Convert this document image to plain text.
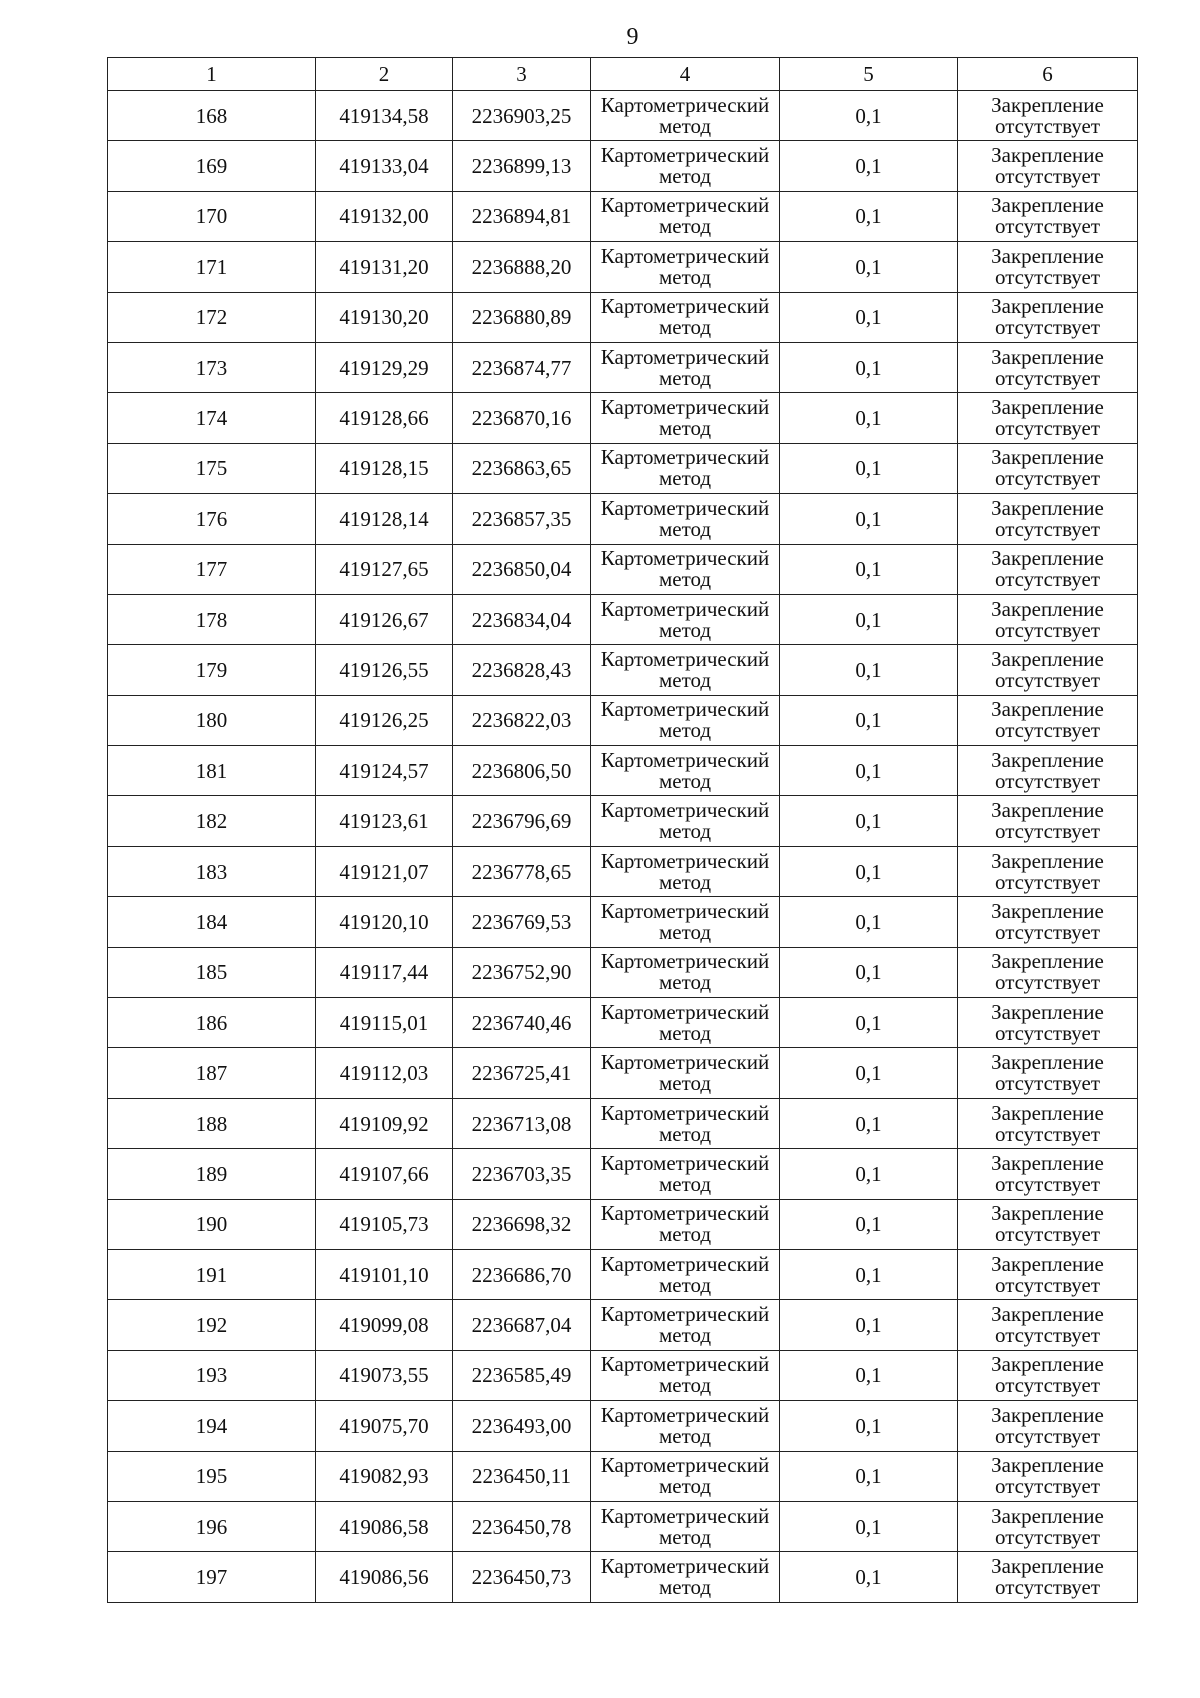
9
1	2	3	4	5	6
168	419134,58	2236903,25	Картометрический метод	0,1	Закрепление отсутствует
169	419133,04	2236899,13	Картометрический метод	0,1	Закрепление отсутствует
170	419132,00	2236894,81	Картометрический метод	0,1	Закрепление отсутствует
171	419131,20	2236888,20	Картометрический метод	0,1	Закрепление отсутствует
172	419130,20	2236880,89	Картометрический метод	0,1	Закрепление отсутствует
173	419129,29	2236874,77	Картометрический метод	0,1	Закрепление отсутствует
174	419128,66	2236870,16	Картометрический метод	0,1	Закрепление отсутствует
175	419128,15	2236863,65	Картометрический метод	0,1	Закрепление отсутствует
176	419128,14	2236857,35	Картометрический метод	0,1	Закрепление отсутствует
177	419127,65	2236850,04	Картометрический метод	0,1	Закрепление отсутствует
178	419126,67	2236834,04	Картометрический метод	0,1	Закрепление отсутствует
179	419126,55	2236828,43	Картометрический метод	0,1	Закрепление отсутствует
180	419126,25	2236822,03	Картометрический метод	0,1	Закрепление отсутствует
181	419124,57	2236806,50	Картометрический метод	0,1	Закрепление отсутствует
182	419123,61	2236796,69	Картометрический метод	0,1	Закрепление отсутствует
183	419121,07	2236778,65	Картометрический метод	0,1	Закрепление отсутствует
184	419120,10	2236769,53	Картометрический метод	0,1	Закрепление отсутствует
185	419117,44	2236752,90	Картометрический метод	0,1	Закрепление отсутствует
186	419115,01	2236740,46	Картометрический метод	0,1	Закрепление отсутствует
187	419112,03	2236725,41	Картометрический метод	0,1	Закрепление отсутствует
188	419109,92	2236713,08	Картометрический метод	0,1	Закрепление отсутствует
189	419107,66	2236703,35	Картометрический метод	0,1	Закрепление отсутствует
190	419105,73	2236698,32	Картометрический метод	0,1	Закрепление отсутствует
191	419101,10	2236686,70	Картометрический метод	0,1	Закрепление отсутствует
192	419099,08	2236687,04	Картометрический метод	0,1	Закрепление отсутствует
193	419073,55	2236585,49	Картометрический метод	0,1	Закрепление отсутствует
194	419075,70	2236493,00	Картометрический метод	0,1	Закрепление отсутствует
195	419082,93	2236450,11	Картометрический метод	0,1	Закрепление отсутствует
196	419086,58	2236450,78	Картометрический метод	0,1	Закрепление отсутствует
197	419086,56	2236450,73	Картометрический метод	0,1	Закрепление отсутствует
